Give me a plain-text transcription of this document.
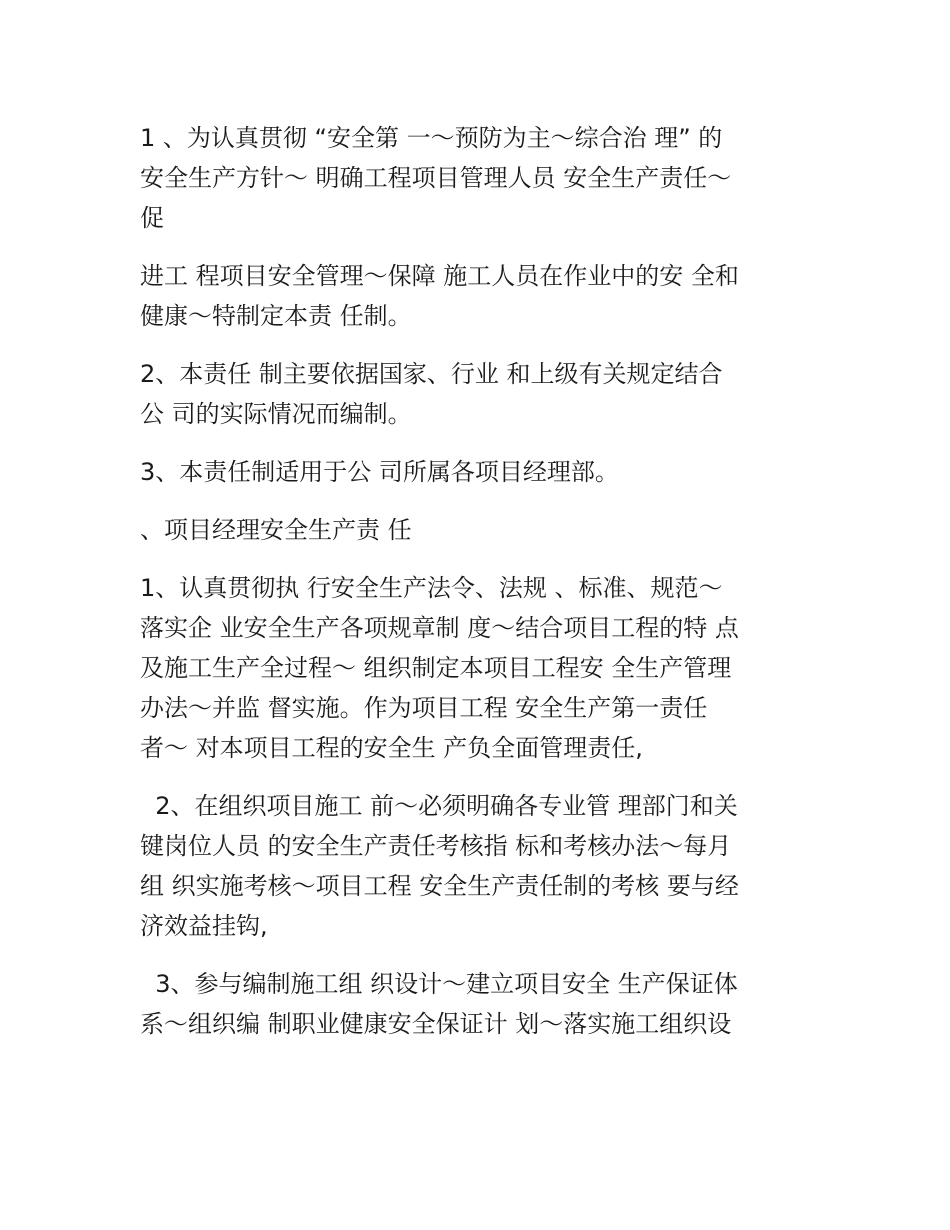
1 、为认真贯彻 “安全第 一～预防为主～综合治 理” 的
安全生产方针～ 明确工程项目管理人员 安全生产责任～
促

进工 程项目安全管理～保障 施工人员在作业中的安 全和
健康～特制定本责 任制。

2、本责任 制主要依据国家、行业 和上级有关规定结合
公 司的实际情况而编制。

3、本责任制适用于公 司所属各项目经理部。

、项目经理安全生产责 任

1、认真贯彻执 行安全生产法令、法规 、标准、规范～
落实企 业安全生产各项规章制 度～结合项目工程的特 点
及施工生产全过程～ 组织制定本项目工程安 全生产管理
办法～并监 督实施。作为项目工程 安全生产第一责任
者～ 对本项目工程的安全生 产负全面管理责任,

2、在组织项目施工 前～必须明确各专业管 理部门和关
键岗位人员 的安全生产责任考核指 标和考核办法～每月
组 织实施考核～项目工程 安全生产责任制的考核 要与经
济效益挂钩,

3、参与编制施工组 织设计～建立项目安全 生产保证体
系～组织编 制职业健康安全保证计 划～落实施工组织设
